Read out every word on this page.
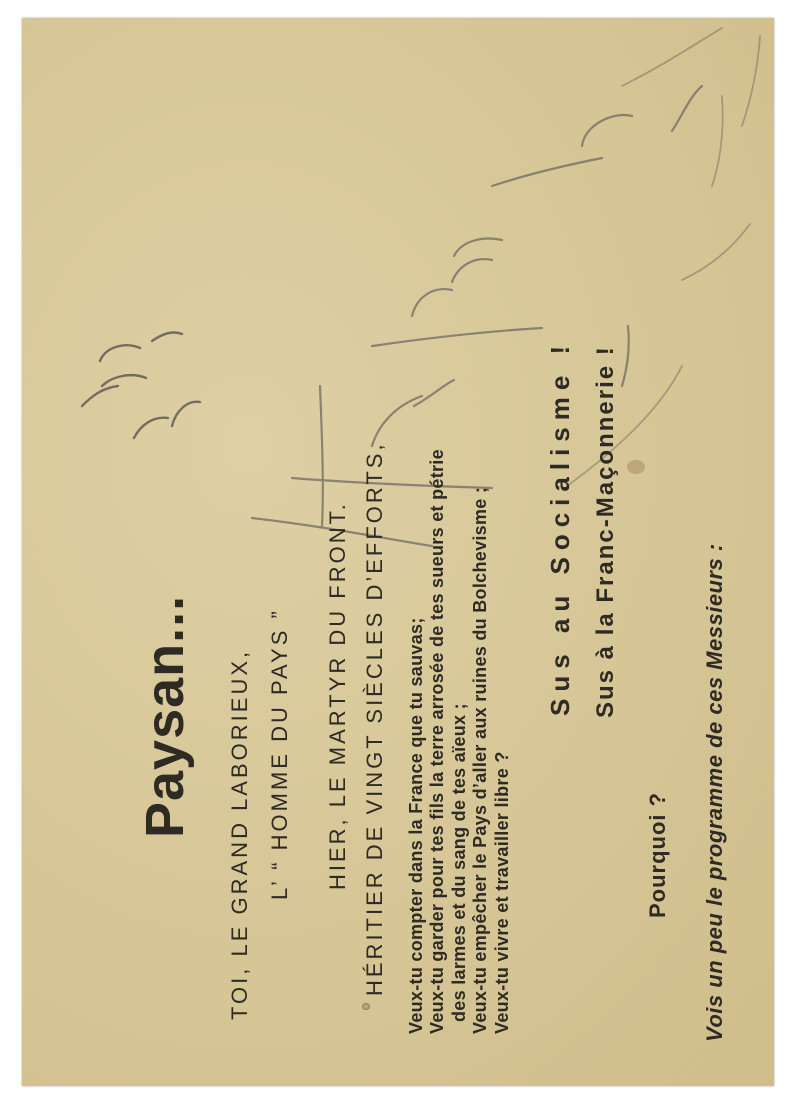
Paysan... TOI, LE GRAND LABORIEUX, L’ “ HOMME DU PAYS ” HIER, LE MARTYR DU FRONT. HÉRITIER DE VINGT SIÈCLES D’EFFORTS, Veux-tu compter dans la France que tu sauvas; Veux-tu garder pour tes fils la terre arrosée de tes sueurs et pétrie des larmes et du sang de tes aïeux ; Veux-tu empêcher le Pays d’aller aux ruines du Bolchevisme ; Veux-tu vivre et travailler libre ?

Sus au Socialisme ! Sus à la Franc-Maçonnerie !

Pourquoi ? Vois un peu le programme de ces Messieurs :
